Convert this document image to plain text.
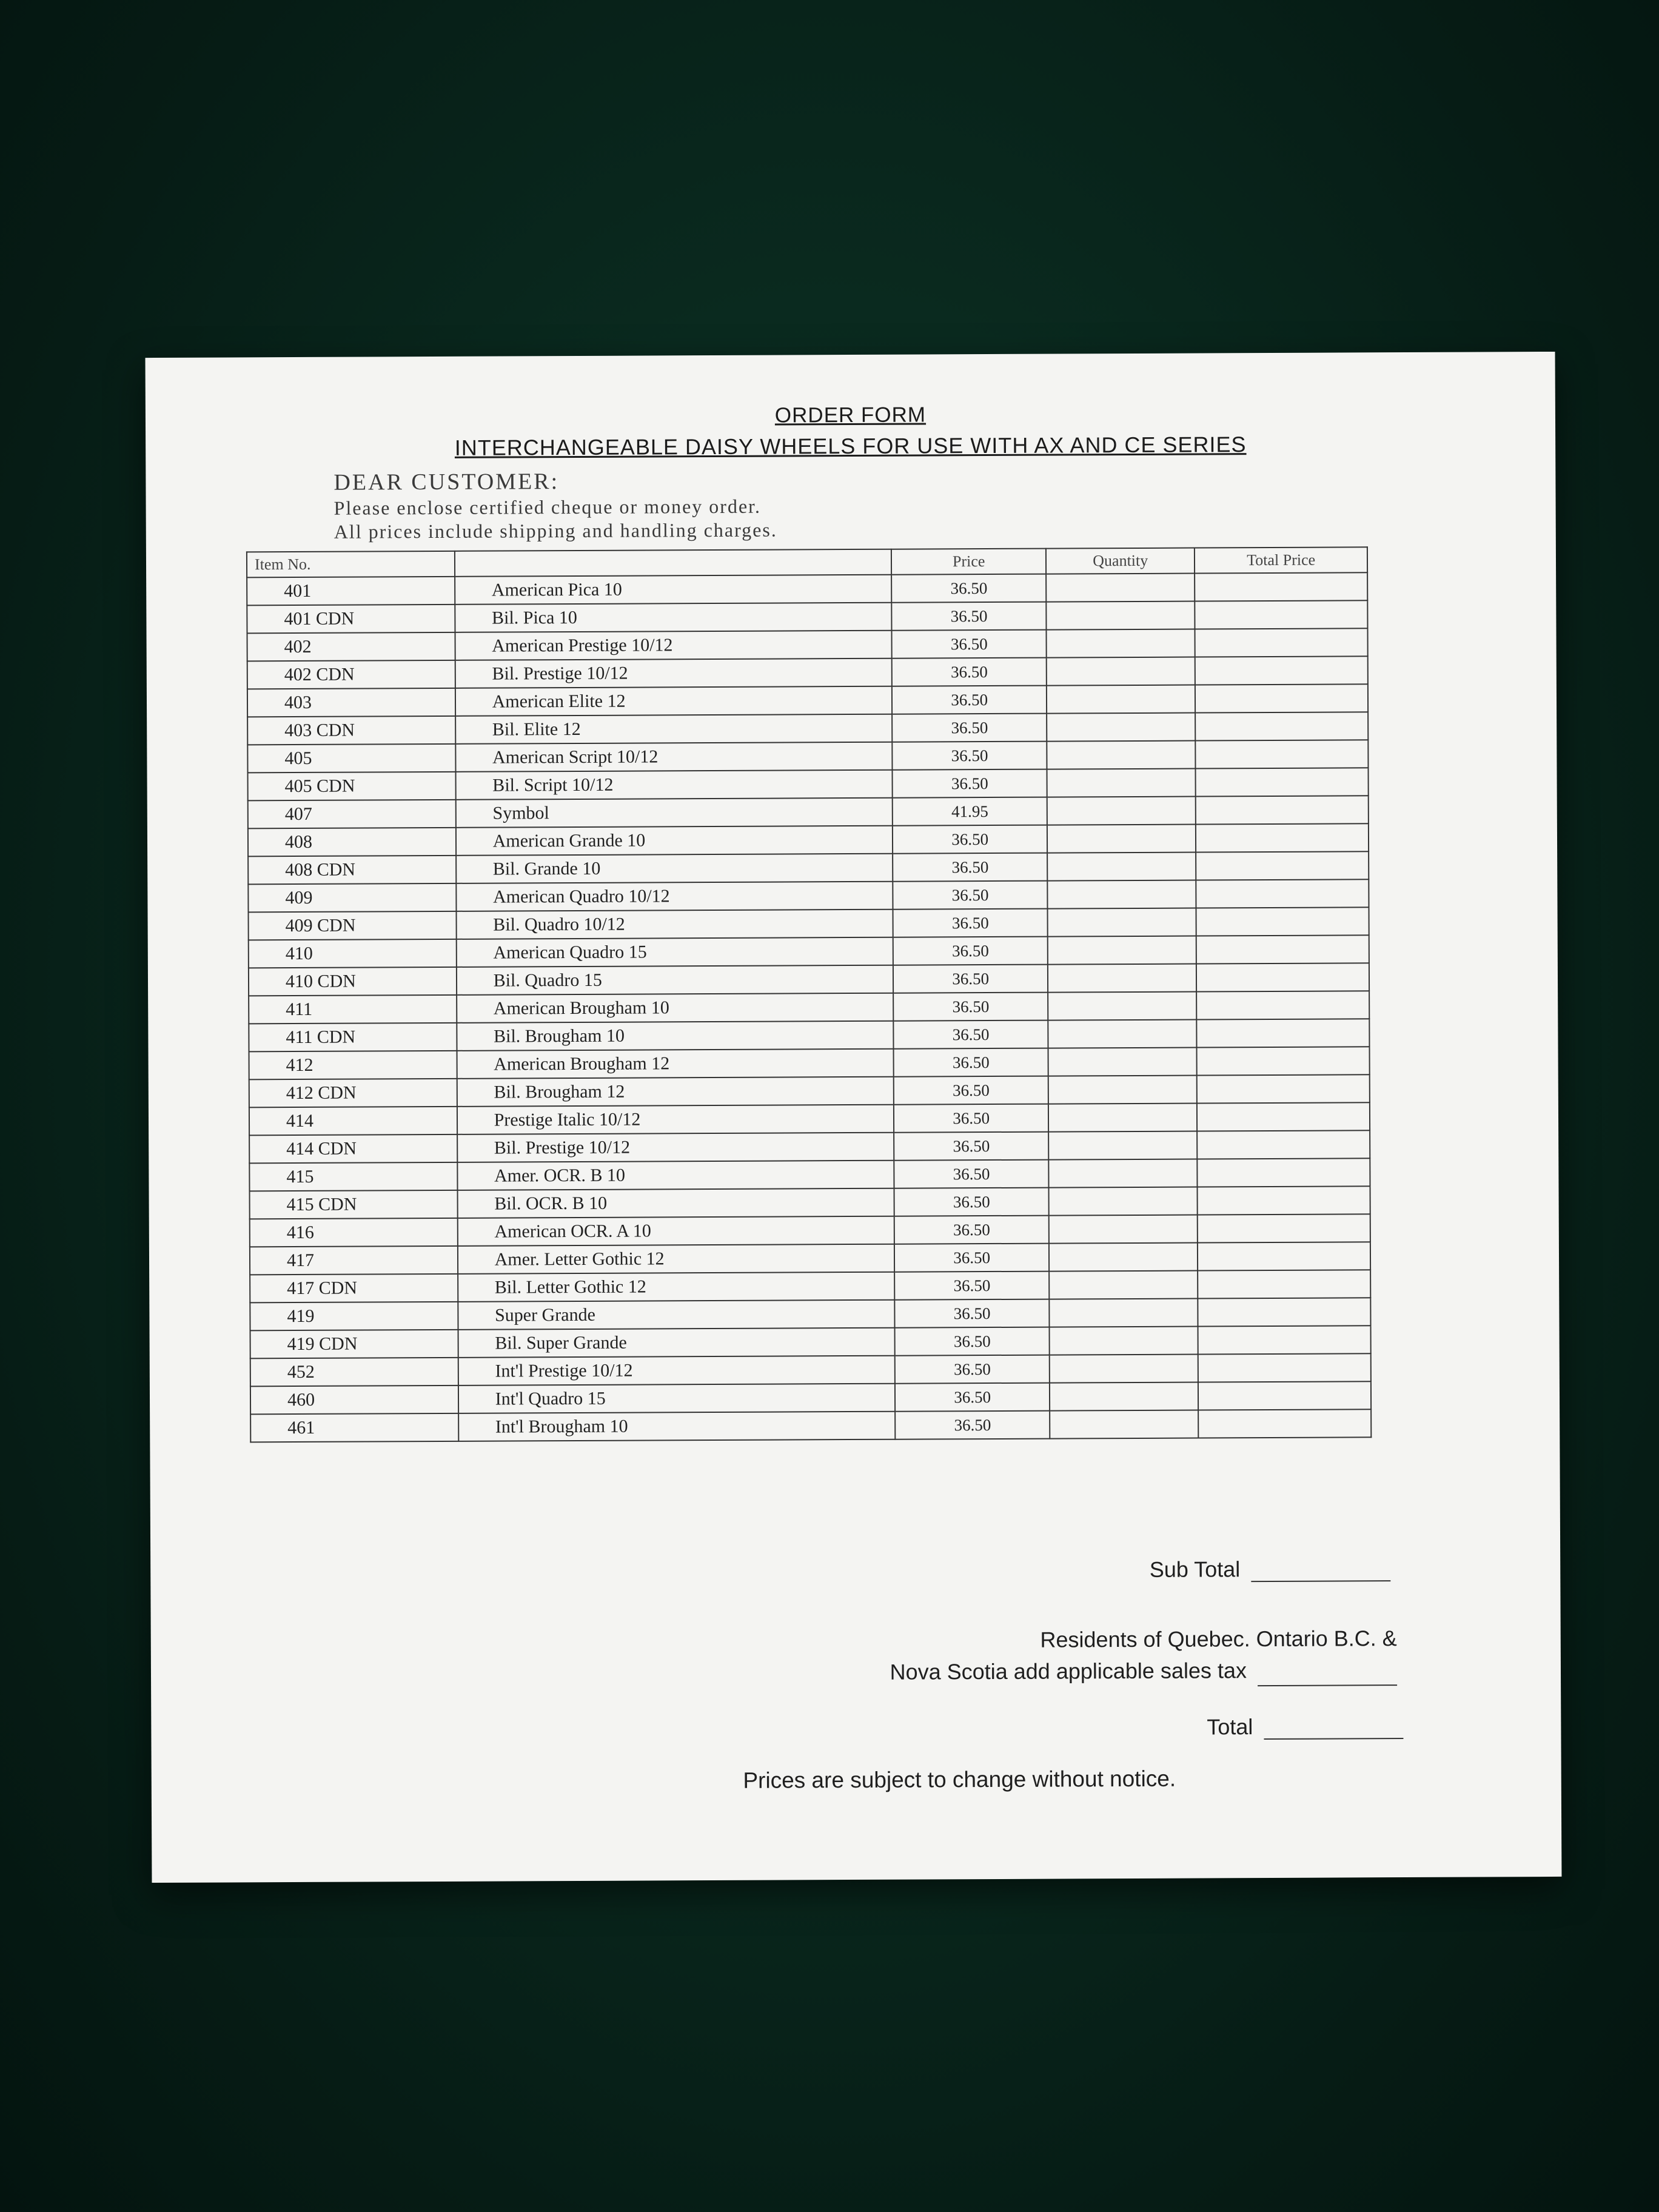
ORDER FORM
INTERCHANGEABLE DAISY WHEELS FOR USE WITH AX AND CE SERIES
DEAR CUSTOMER:
Please enclose certified cheque or money order.
All prices include shipping and handling charges.
Item No.		Price	Quantity	Total Price
401	American Pica 10	36.50		
401 CDN	Bil. Pica 10	36.50		
402	American Prestige 10/12	36.50		
402 CDN	Bil. Prestige 10/12	36.50		
403	American Elite 12	36.50		
403 CDN	Bil. Elite 12	36.50		
405	American Script 10/12	36.50		
405 CDN	Bil. Script 10/12	36.50		
407	Symbol	41.95		
408	American Grande 10	36.50		
408 CDN	Bil. Grande 10	36.50		
409	American Quadro 10/12	36.50		
409 CDN	Bil. Quadro 10/12	36.50		
410	American Quadro 15	36.50		
410 CDN	Bil. Quadro 15	36.50		
411	American Brougham 10	36.50		
411 CDN	Bil. Brougham 10	36.50		
412	American Brougham 12	36.50		
412 CDN	Bil. Brougham 12	36.50		
414	Prestige Italic 10/12	36.50		
414 CDN	Bil. Prestige 10/12	36.50		
415	Amer. OCR. B 10	36.50		
415 CDN	Bil. OCR. B 10	36.50		
416	American OCR. A 10	36.50		
417	Amer. Letter Gothic 12	36.50		
417 CDN	Bil. Letter Gothic 12	36.50		
419	Super Grande	36.50		
419 CDN	Bil. Super Grande	36.50		
452	Int'l Prestige 10/12	36.50		
460	Int'l Quadro 15	36.50		
461	Int'l Brougham 10	36.50		
Sub Total
Residents of Quebec. Ontario B.C. &
Nova Scotia add applicable sales tax
Total
Prices are subject to change without notice.
